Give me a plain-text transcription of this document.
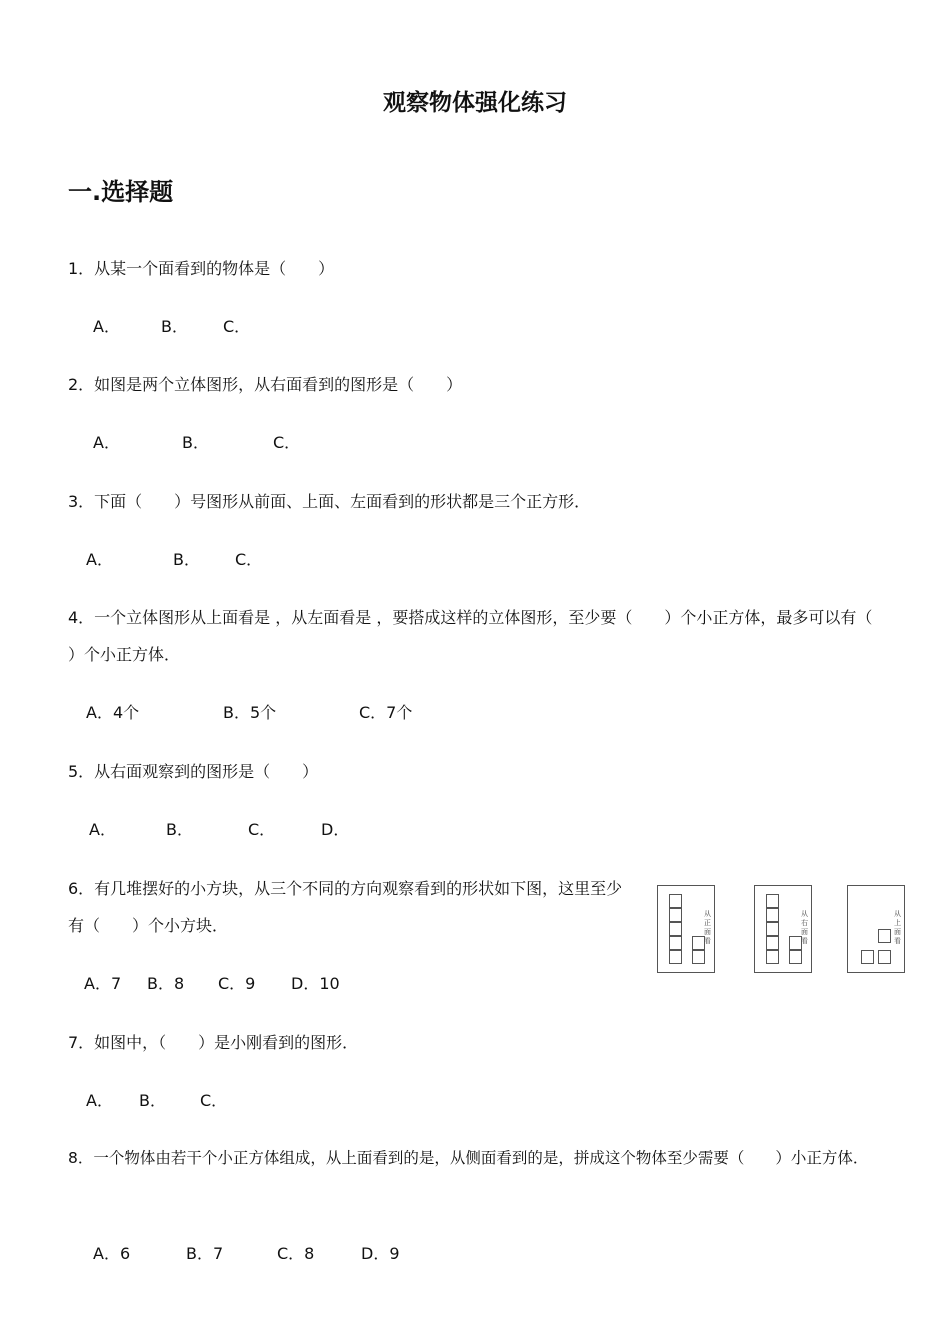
观察物体强化练习
一.选择题
1．从某一个面看到的物体是（　　）
A．	B． C．
2．如图是两个立体图形，从右面看到的图形是（　　）
A．	B．	C．
3．下面（　　）号图形从前面、上面、左面看到的形状都是三个正方形．
A．	B． C．
4．一个立体图形从上面看是 ，从左面看是 ，要搭成这样的立体图形，至少要（　　）个小正方体，最多可以有（
）个小正方体．
A．4个	B．5个	C．7个
5．从右面观察到的图形是（　　）
A．	B．	C．	D．
6．有几堆摆好的小方块，从三个不同的方向观察看到的形状如下图，这里至少
有（　　）个小方块．
A．7 B．8 C．9 D．10
从正面看
从右面看
从上面看
7．如图中，（　　）是小刚看到的图形．
A． B． C．
8．一个物体由若干个小正方体组成，从上面看到的是，从侧面看到的是，拼成这个物体至少需要（　　）小正方体．
A．6	B．7	C．8	D．9
